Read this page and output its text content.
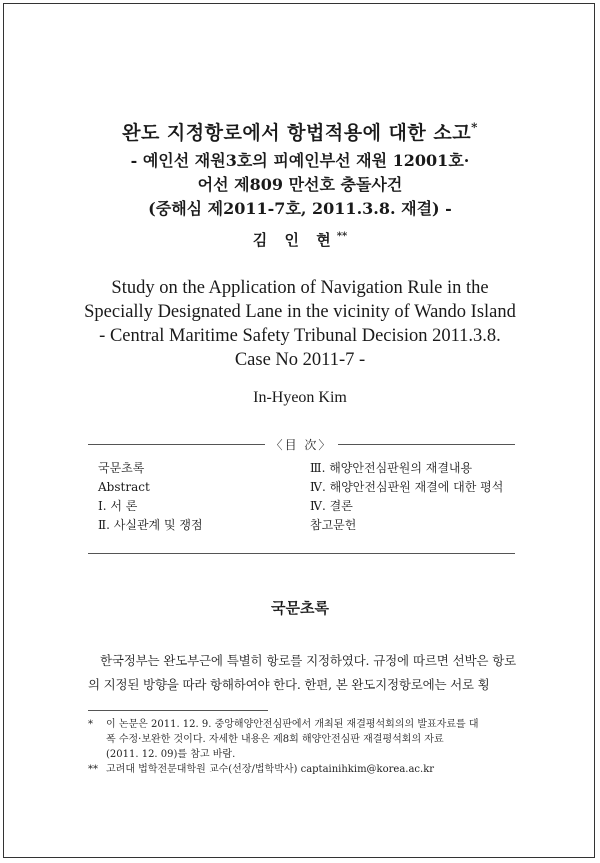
완도 지정항로에서 항법적용에 대한 소고*
- 예인선 재원3호의 피예인부선 재원 12001호·
어선 제809 만선호 충돌사건
(중해심 제2011-7호, 2011.3.8. 재결) -
김 인 현**
Study on the Application of Navigation Rule in the
Specially Designated Lane in the vicinity of Wando Island
- Central Maritime Safety Tribunal Decision 2011.3.8.
Case No 2011-7 -
In-Hyeon Kim
〈目 次〉
국문초록
Abstract
Ⅰ. 서 론
Ⅱ. 사실관계 및 쟁점
Ⅲ. 해양안전심판원의 재결내용
Ⅳ. 해양안전심판원 재결에 대한 평석
Ⅳ. 결론
참고문헌
국문초록
한국정부는 완도부근에 특별히 항로를 지정하였다. 규정에 따르면 선박은 항로의 지정된 방향을 따라 항해하여야 한다. 한편, 본 완도지정항로에는 서로 횡
* 이 논문은 2011. 12. 9. 중앙해양안전심판에서 개최된 재결평석회의의 발표자료를 대
폭 수정·보완한 것이다. 자세한 내용은 제8회 해양안전심판 재결평석회의 자료
(2011. 12. 09)를 참고 바람.
** 고려대 법학전문대학원 교수(선장/법학박사) captainihkim@korea.ac.kr
